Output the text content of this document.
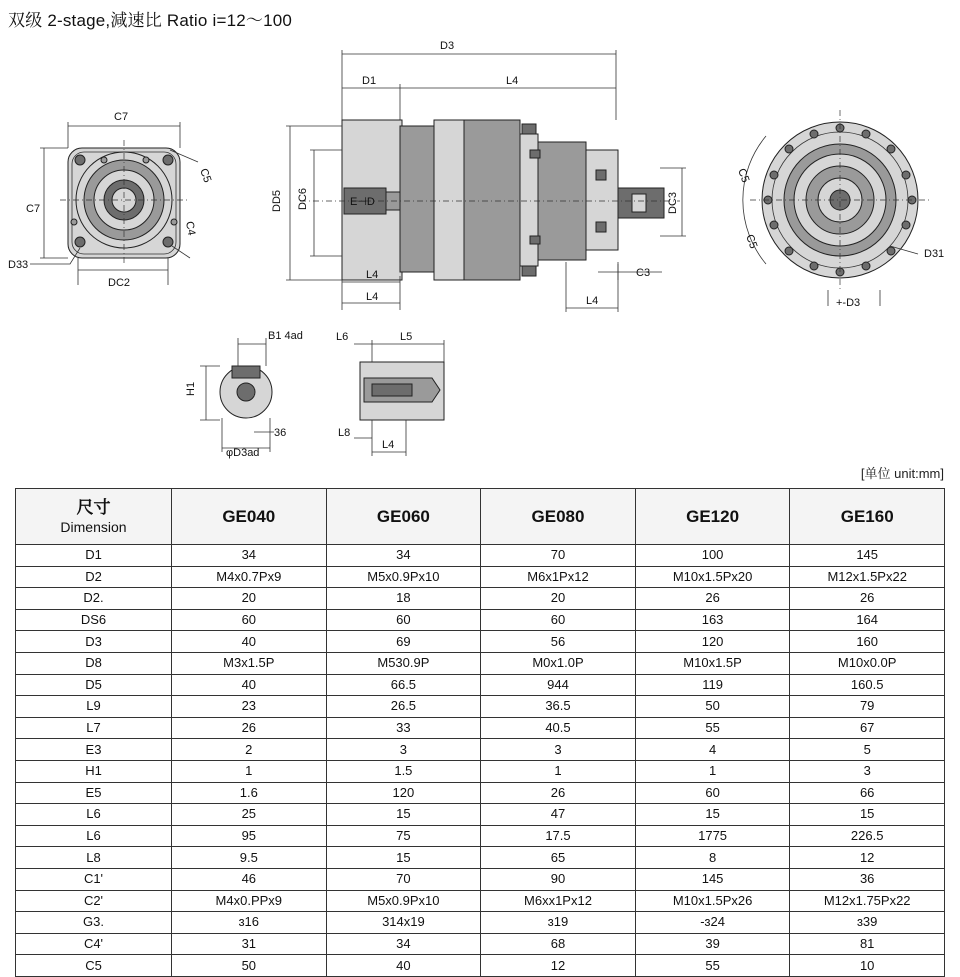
双级 2-stage,減速比 Ratio i=12～100
C7
C7
C5
C4
D33
DC2
D3
D1	L4
DD5 DC6	DC3
E⊣D
L4
L4	L4
C3
C5
C5
D31
+-D3
B1 4ad
H1
36
φD3ad
L6	L5
L8
L4
[单位 unit:mm]
尺寸
Dimension	GE040	GE060	GE080	GE120	GE160
D1	34	34	70	100	145
D2	M4x0.7Px9	M5x0.9Px10	M6x1Px12	M10x1.5Px20	M12x1.5Px22
D2.	20	18	20	26	26
DS6	60	60	60	163	164
D3	40	69	56	120	160
D8	M3x1.5P	M530.9P	M0x1.0P	M10x1.5P	M10x0.0P
D5	40	66.5	944	119	160.5
L9	23	26.5	36.5	50	79
L7	26	33	40.5	55	67
E3	2	3	3	4	5
H1	1	1.5	1	1	3
E5	1.6	120	26	60	66
L6	25	15	47	15	15
L6	95	75	17.5	1775	226.5
L8	9.5	15	65	8	12
C1'	46	70	90	145	36
C2'	M4x0.PPx9	M5x0.9Px10	M6xx1Px12	M10x1.5Px26	M12x1.75Px22
G3.	ɜ16	314x19	ɜ19	-ɜ24	ɜ39
C4'	31	34	68	39	81
C5	50	40	12	55	10
